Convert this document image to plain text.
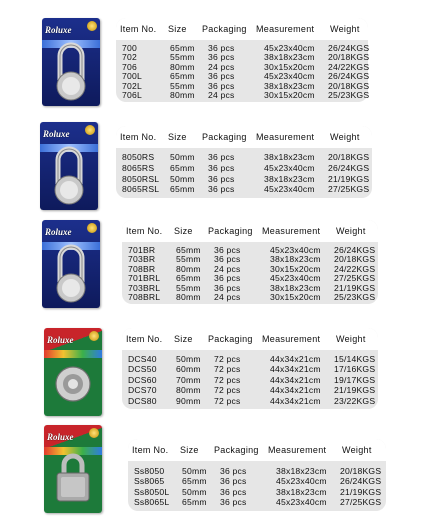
Roluxe	Item No. Size Packaging Measurement Weight
700	65mm 36 pcs	45x23x40cm 26/24KGS
702	55mm 36 pcs	38x18x23cm 20/18KGS
706	80mm 24 pcs	30x15x20cm 24/22KGS
700L	65mm 36 pcs	45x23x40cm 26/24KGS
702L	55mm 36 pcs	38x18x23cm 20/18KGS
706L	80mm 24 pcs	30x15x20cm 25/23KGS
Roluxe	Item No. Size Packaging Measurement Weight
8050RS 50mm 36 pcs	38x18x23cm 20/18KGS
8065RS 65mm 36 pcs	45x23x40cm 26/24KGS
8050RSL 50mm 36 pcs	38x18x23cm 21/19KGS
8065RSL 65mm 36 pcs	45x23x40cm 27/25KGS
Roluxe	Item No. Size Packaging Measurement Weight
701BR 65mm 36 pcs	45x23x40cm 26/24KGS
703BR 55mm 36 pcs	38x18x23cm 20/18KGS
708BR 80mm 24 pcs	30x15x20cm 24/22KGS
701BRL 65mm 36 pcs	45x23x40cm 27/25KGS
703BRL 55mm 36 pcs	38x18x23cm 21/19KGS
708BRL 80mm 24 pcs	30x15x20cm 25/23KGS
Roluxe	Item No. Size Packaging Measurement Weight
DCS40 50mm 72 pcs	44x34x21cm 15/14KGS
DCS50 60mm 72 pcs	44x34x21cm 17/16KGS
DCS60 70mm 72 pcs	44x34x21cm 19/17KGS
DCS70 80mm 72 pcs	44x34x21cm 21/19KGS
DCS80 90mm 72 pcs	44x34x21cm 23/22KGS
Roluxe
Item No. Size Packaging Measurement Weight
Ss8050 50mm 36 pcs	38x18x23cm 20/18KGS
Ss8065 65mm 36 pcs	45x23x40cm 26/24KGS
Ss8050L 50mm 36 pcs	38x18x23cm 21/19KGS
Ss8065L 65mm 36 pcs	45x23x40cm 27/25KGS
